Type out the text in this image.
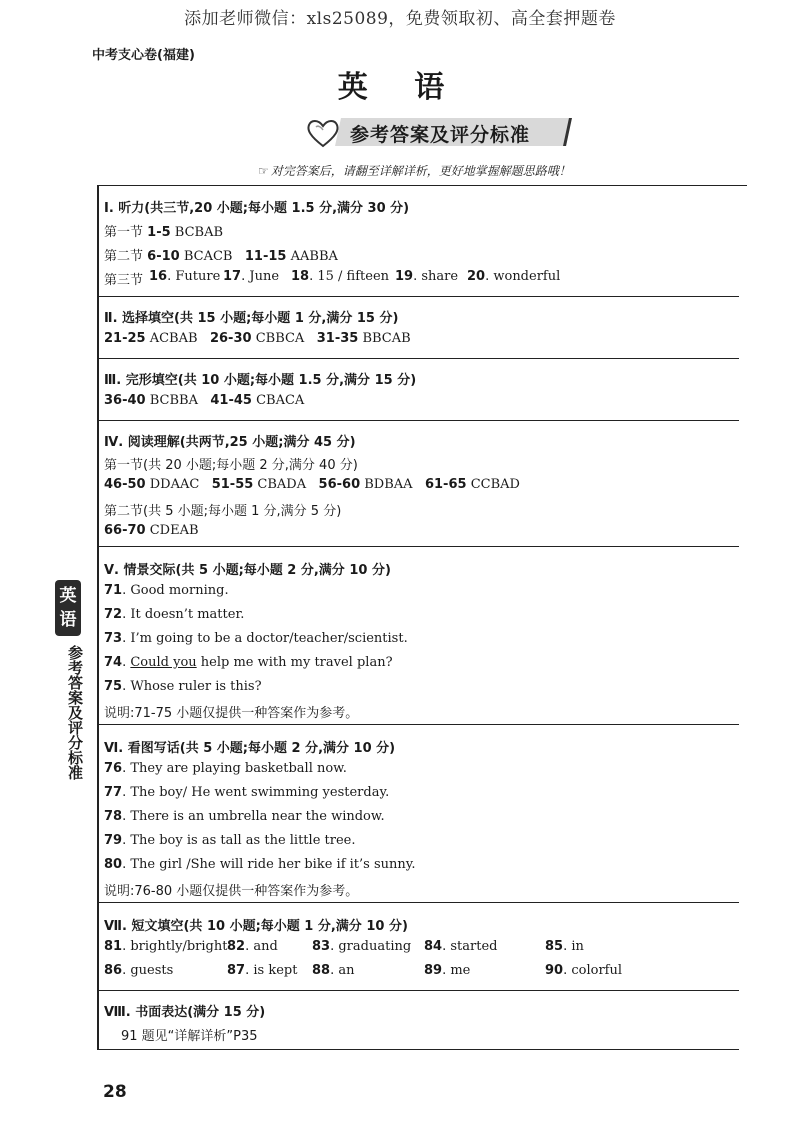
添加老师微信：xls25089，免费领取初、高全套押题卷
中考支心卷(福建)
英 语
参考答案及评分标准
☞ 对完答案后，请翻至详解详析，更好地掌握解题思路哦！
Ⅰ. 听力(共三节,20 小题;每小题 1.5 分,满分 30 分)
第一节 1-5 BCBAB
第二节 6-10 BCACB 11-15 AABBA
第三节 16. Future 17. June 18. 15 / fifteen 19. share 20. wonderful
Ⅱ. 选择填空(共 15 小题;每小题 1 分,满分 15 分)
21-25 ACBAB 26-30 CBBCA 31-35 BBCAB
Ⅲ. 完形填空(共 10 小题;每小题 1.5 分,满分 15 分)
36-40 BCBBA 41-45 CBACA
Ⅳ. 阅读理解(共两节,25 小题;满分 45 分)
第一节(共 20 小题;每小题 2 分,满分 40 分)
46-50 DDAAC 51-55 CBADA 56-60 BDBAA 61-65 CCBAD
第二节(共 5 小题;每小题 1 分,满分 5 分)
66-70 CDEAB
Ⅴ. 情景交际(共 5 小题;每小题 2 分,满分 10 分)
71. Good morning.
72. It doesn’t matter.
73. I’m going to be a doctor/teacher/scientist.
74. Could you help me with my travel plan?
75. Whose ruler is this?
说明:71-75 小题仅提供一种答案作为参考。
Ⅵ. 看图写话(共 5 小题;每小题 2 分,满分 10 分)
76. They are playing basketball now.
77. The boy/ He went swimming yesterday.
78. There is an umbrella near the window.
79. The boy is as tall as the little tree.
80. The girl /She will ride her bike if it’s sunny.
说明:76-80 小题仅提供一种答案作为参考。
Ⅶ. 短文填空(共 10 小题;每小题 1 分,满分 10 分)
81. brightly/bright 82. and	83. graduating 84. started	85. in
86. guests	87. is kept 88. an	89. me	90. colorful
Ⅷ. 书面表达(满分 15 分)
91 题见“详解详析”P35
英
语
参考答案及评分标准
28
